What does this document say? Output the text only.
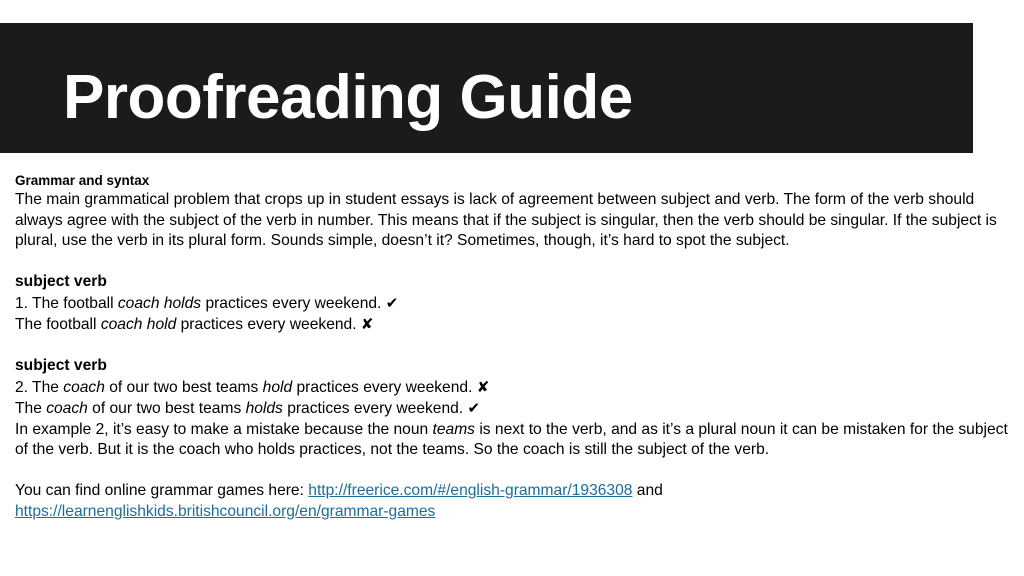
Proofreading Guide
Grammar and syntax
The main grammatical problem that crops up in student essays is lack of agreement between subject and verb. The form of the verb should always agree with the subject of the verb in number. This means that if the subject is singular, then the verb should be singular. If the subject is plural, use the verb in its plural form. Sounds simple, doesn’t it? Sometimes, though, it’s hard to spot the subject.
subject verb
1. The football coach holds practices every weekend. ✔
The football coach hold practices every weekend. ✘
subject verb
2. The coach of our two best teams hold practices every weekend. ✘
The coach of our two best teams holds practices every weekend. ✔
In example 2, it’s easy to make a mistake because the noun teams is next to the verb, and as it’s a plural noun it can be mistaken for the subject of the verb. But it is the coach who holds practices, not the teams. So the coach is still the subject of the verb.
You can find online grammar games here: http://freerice.com/#/english-grammar/1936308 and
https://learnenglishkids.britishcouncil.org/en/grammar-games
